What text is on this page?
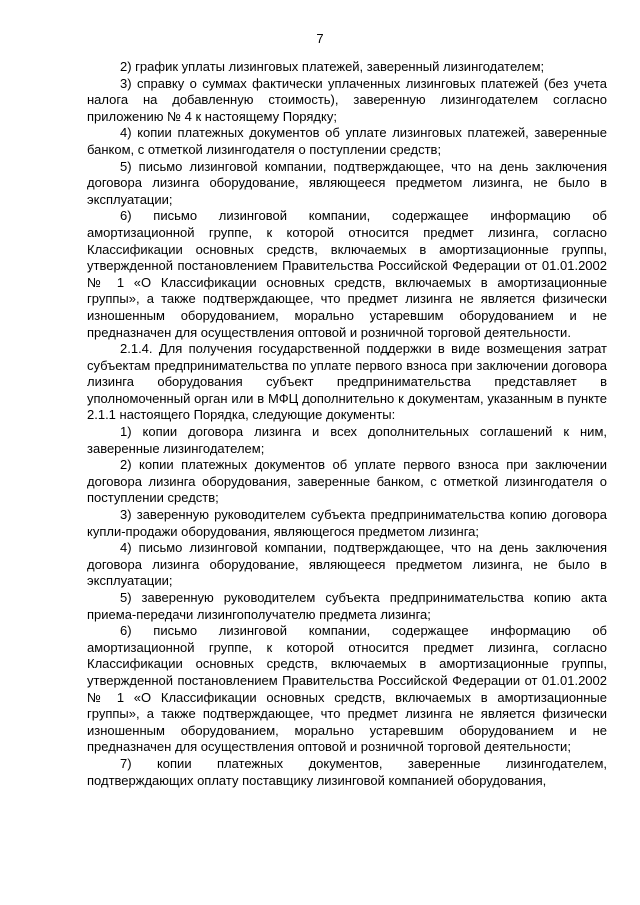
7

2) график уплаты лизинговых платежей, заверенный лизингодателем;

3) справку о суммах фактически уплаченных лизинговых платежей (без учета налога на добавленную стоимость), заверенную лизингодателем согласно приложению № 4 к настоящему Порядку;

4) копии платежных документов об уплате лизинговых платежей, заверенные банком, с отметкой лизингодателя о поступлении средств;

5) письмо лизинговой компании, подтверждающее, что на день заключения договора лизинга оборудование, являющееся предметом лизинга, не было в эксплуатации;

6) письмо лизинговой компании, содержащее информацию об амортизационной группе, к которой относится предмет лизинга, согласно Классификации основных средств, включаемых в амортизационные группы, утвержденной постановлением Правительства Российской Федерации от 01.01.2002 № 1 «О Классификации основных средств, включаемых в амортизационные группы», а также подтверждающее, что предмет лизинга не является физически изношенным оборудованием, морально устаревшим оборудованием и не предназначен для осуществления оптовой и розничной торговой деятельности.

2.1.4. Для получения государственной поддержки в виде возмещения затрат субъектам предпринимательства по уплате первого взноса при заключении договора лизинга оборудования субъект предпринимательства представляет в уполномоченный орган или в МФЦ дополнительно к документам, указанным в пункте 2.1.1 настоящего Порядка, следующие документы:

1) копии договора лизинга и всех дополнительных соглашений к ним, заверенные лизингодателем;

2) копии платежных документов об уплате первого взноса при заключении договора лизинга оборудования, заверенные банком, с отметкой лизингодателя о поступлении средств;

3) заверенную руководителем субъекта предпринимательства копию договора купли-продажи оборудования, являющегося предметом лизинга;

4) письмо лизинговой компании, подтверждающее, что на день заключения договора лизинга оборудование, являющееся предметом лизинга, не было в эксплуатации;

5) заверенную руководителем субъекта предпринимательства копию акта приема-передачи лизингополучателю предмета лизинга;

6) письмо лизинговой компании, содержащее информацию об амортизационной группе, к которой относится предмет лизинга, согласно Классификации основных средств, включаемых в амортизационные группы, утвержденной постановлением Правительства Российской Федерации от 01.01.2002 № 1 «О Классификации основных средств, включаемых в амортизационные группы», а также подтверждающее, что предмет лизинга не является физически изношенным оборудованием, морально устаревшим оборудованием и не предназначен для осуществления оптовой и розничной торговой деятельности;

7) копии платежных документов, заверенные лизингодателем, подтверждающих оплату поставщику лизинговой компанией оборудования,
